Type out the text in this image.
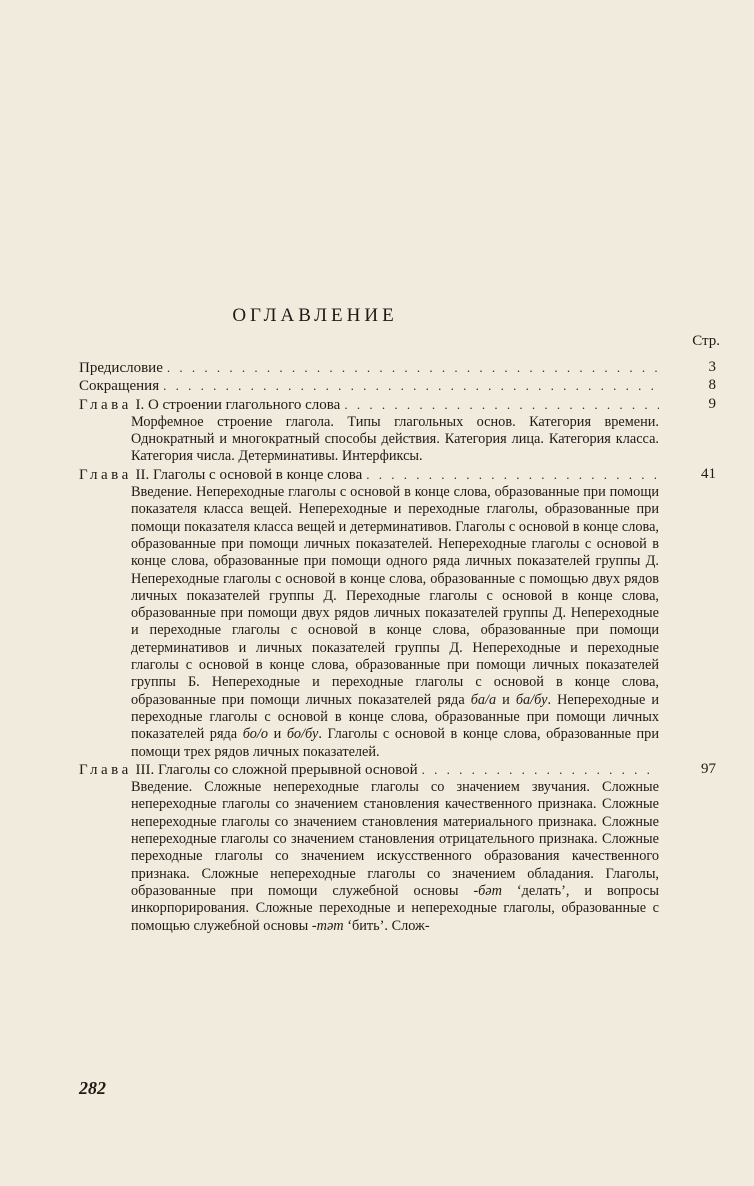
ОГЛАВЛЕНИЕ
Стр.
Предисловие . . .	3
Сокращения . . .	8
Глава I. О строении глагольного слова . . .	9
Морфемное строение глагола. Типы глагольных основ. Категория времени. Однократный и многократный способы действия. Категория лица. Категория класса. Категория числа. Детерминативы. Интерфиксы.
Глава II. Глаголы с основой в конце слова . . .	41
Введение. Непереходные глаголы с основой в конце слова, образованные при помощи показателя класса вещей. Непереходные и переходные глаголы, образованные при помощи показателя класса вещей и детерминативов. Глаголы с основой в конце слова, образованные при помощи личных показателей. Непереходные глаголы с основой в конце слова, образованные при помощи одного ряда личных показателей группы Д. Непереходные глаголы с основой в конце слова, образованные с помощью двух рядов личных показателей группы Д. Переходные глаголы с основой в конце слова, образованные при помощи двух рядов личных показателей группы Д. Непереходные и переходные глаголы с основой в конце слова, образованные при помощи детерминативов и личных показателей группы Д. Непереходные и переходные глаголы с основой в конце слова, образованные при помощи личных показателей группы Б. Непереходные и переходные глаголы с основой в конце слова, образованные при помощи личных показателей ряда ба/а и ба/бу. Непереходные и переходные глаголы с основой в конце слова, образованные при помощи личных показателей ряда бо/о и бо/бу. Глаголы с основой в конце слова, образованные при помощи трех рядов личных показателей.
Глава III. Глаголы со сложной прерывной основой . . .	97
Введение. Сложные непереходные глаголы со значением звучания. Сложные непереходные глаголы со значением становления качественного признака. Сложные непереходные глаголы со значением становления материального признака. Сложные непереходные глаголы со значением становления отрицательного признака. Сложные переходные глаголы со значением искусственного образования качественного признака. Сложные непереходные глаголы со значением обладания. Глаголы, образованные при помощи служебной основы -бәт ‘делать’, и вопросы инкорпорирования. Сложные переходные и непереходные глаголы, образованные с помощью служебной основы -тәт ‘бить’. Слож-
282
